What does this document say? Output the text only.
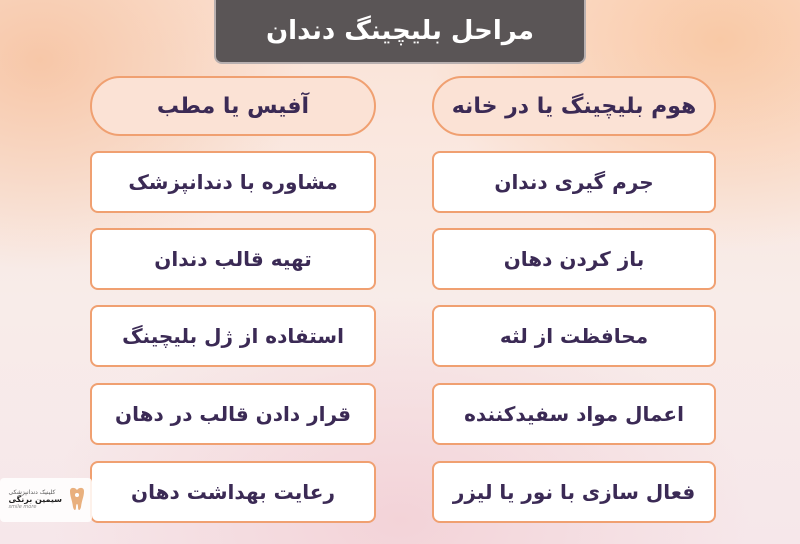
مراحل بلیچینگ دندان
هوم بلیچینگ یا در خانه
جرم گیری دندان
باز کردن دهان
محافظت از لثه
اعمال مواد سفیدکننده
فعال سازی با نور یا لیزر
آفیس یا مطب
مشاوره با دندانپزشک
تهیه قالب دندان
استفاده از ژل بلیچینگ
قرار دادن قالب در دهان
رعایت بهداشت دهان
کلینیک دندانپزشکی
سیمین برنگی
smile more
